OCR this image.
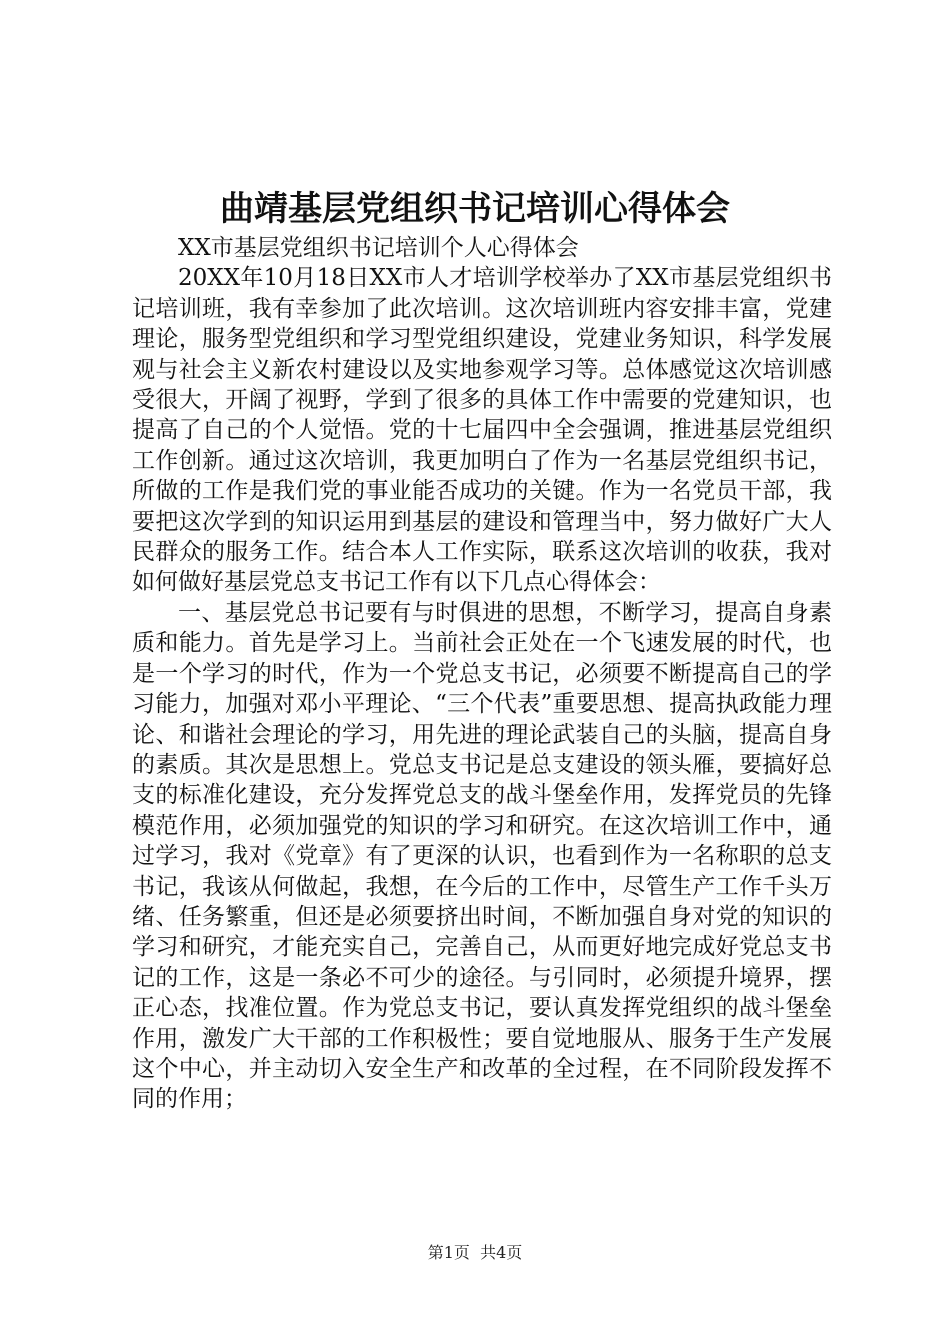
曲靖基层党组织书记培训心得体会

XX市基层党组织书记培训个人心得体会

20XX年10月18日XX市人才培训学校举办了XX市基层党组织书记培训班，我有幸参加了此次培训。这次培训班内容安排丰富，党建理论，服务型党组织和学习型党组织建设，党建业务知识，科学发展观与社会主义新农村建设以及实地参观学习等。总体感觉这次培训感受很大，开阔了视野，学到了很多的具体工作中需要的党建知识，也提高了自己的个人觉悟。党的十七届四中全会强调，推进基层党组织工作创新。通过这次培训，我更加明白了作为一名基层党组织书记，所做的工作是我们党的事业能否成功的关键。作为一名党员干部，我要把这次学到的知识运用到基层的建设和管理当中，努力做好广大人民群众的服务工作。结合本人工作实际，联系这次培训的收获，我对如何做好基层党总支书记工作有以下几点心得体会：

一、基层党总书记要有与时俱进的思想，不断学习，提高自身素质和能力。首先是学习上。当前社会正处在一个飞速发展的时代，也是一个学习的时代，作为一个党总支书记，必须要不断提高自己的学习能力，加强对邓小平理论、“三个代表”重要思想、提高执政能力理论、和谐社会理论的学习，用先进的理论武装自己的头脑，提高自身的素质。其次是思想上。党总支书记是总支建设的领头雁，要搞好总支的标准化建设，充分发挥党总支的战斗堡垒作用，发挥党员的先锋模范作用，必须加强党的知识的学习和研究。在这次培训工作中，通过学习，我对《党章》有了更深的认识，也看到作为一名称职的总支书记，我该从何做起，我想，在今后的工作中，尽管生产工作千头万绪、任务繁重，但还是必须要挤出时间，不断加强自身对党的知识的学习和研究，才能充实自己，完善自己，从而更好地完成好党总支书记的工作，这是一条必不可少的途径。与引同时，必须提升境界，摆正心态，找准位置。作为党总支书记，要认真发挥党组织的战斗堡垒作用，激发广大干部的工作积极性；要自觉地服从、服务于生产发展这个中心，并主动切入安全生产和改革的全过程，在不同阶段发挥不同的作用；

第1页 共4页
